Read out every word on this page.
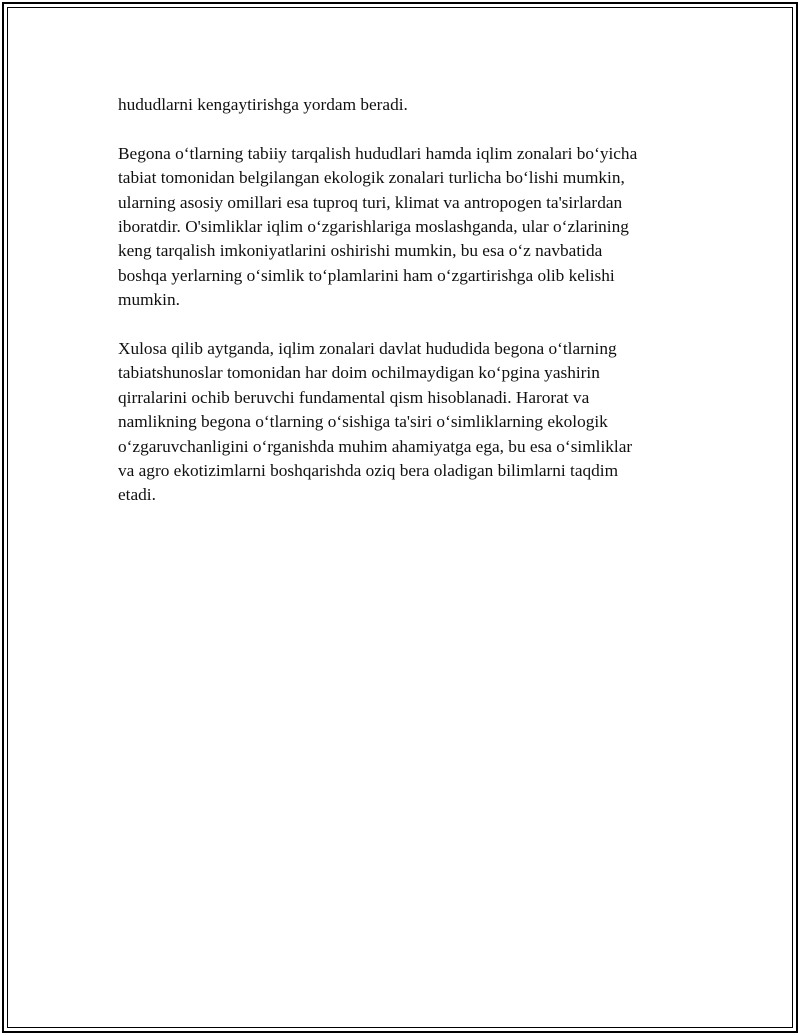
hududlarni kengaytirishga yordam beradi.

Begona o‘tlarning tabiiy tarqalish hududlari hamda iqlim zonalari bo‘yicha
tabiat tomonidan belgilangan ekologik zonalari turlicha bo‘lishi mumkin,
ularning asosiy omillari esa tuproq turi, klimat va antropogen ta'sirlardan
iboratdir. O'simliklar iqlim o‘zgarishlariga moslashganda, ular o‘zlarining
keng tarqalish imkoniyatlarini oshirishi mumkin, bu esa o‘z navbatida
boshqa yerlarning o‘simlik to‘plamlarini ham o‘zgartirishga olib kelishi
mumkin.

Xulosa qilib aytganda, iqlim zonalari davlat hududida begona o‘tlarning
tabiatshunoslar tomonidan har doim ochilmaydigan ko‘pgina yashirin
qirralarini ochib beruvchi fundamental qism hisoblanadi. Harorat va
namlikning begona o‘tlarning o‘sishiga ta'siri o‘simliklarning ekologik
o‘zgaruvchanligini o‘rganishda muhim ahamiyatga ega, bu esa o‘simliklar
va agro ekotizimlarni boshqarishda oziq bera oladigan bilimlarni taqdim
etadi.
